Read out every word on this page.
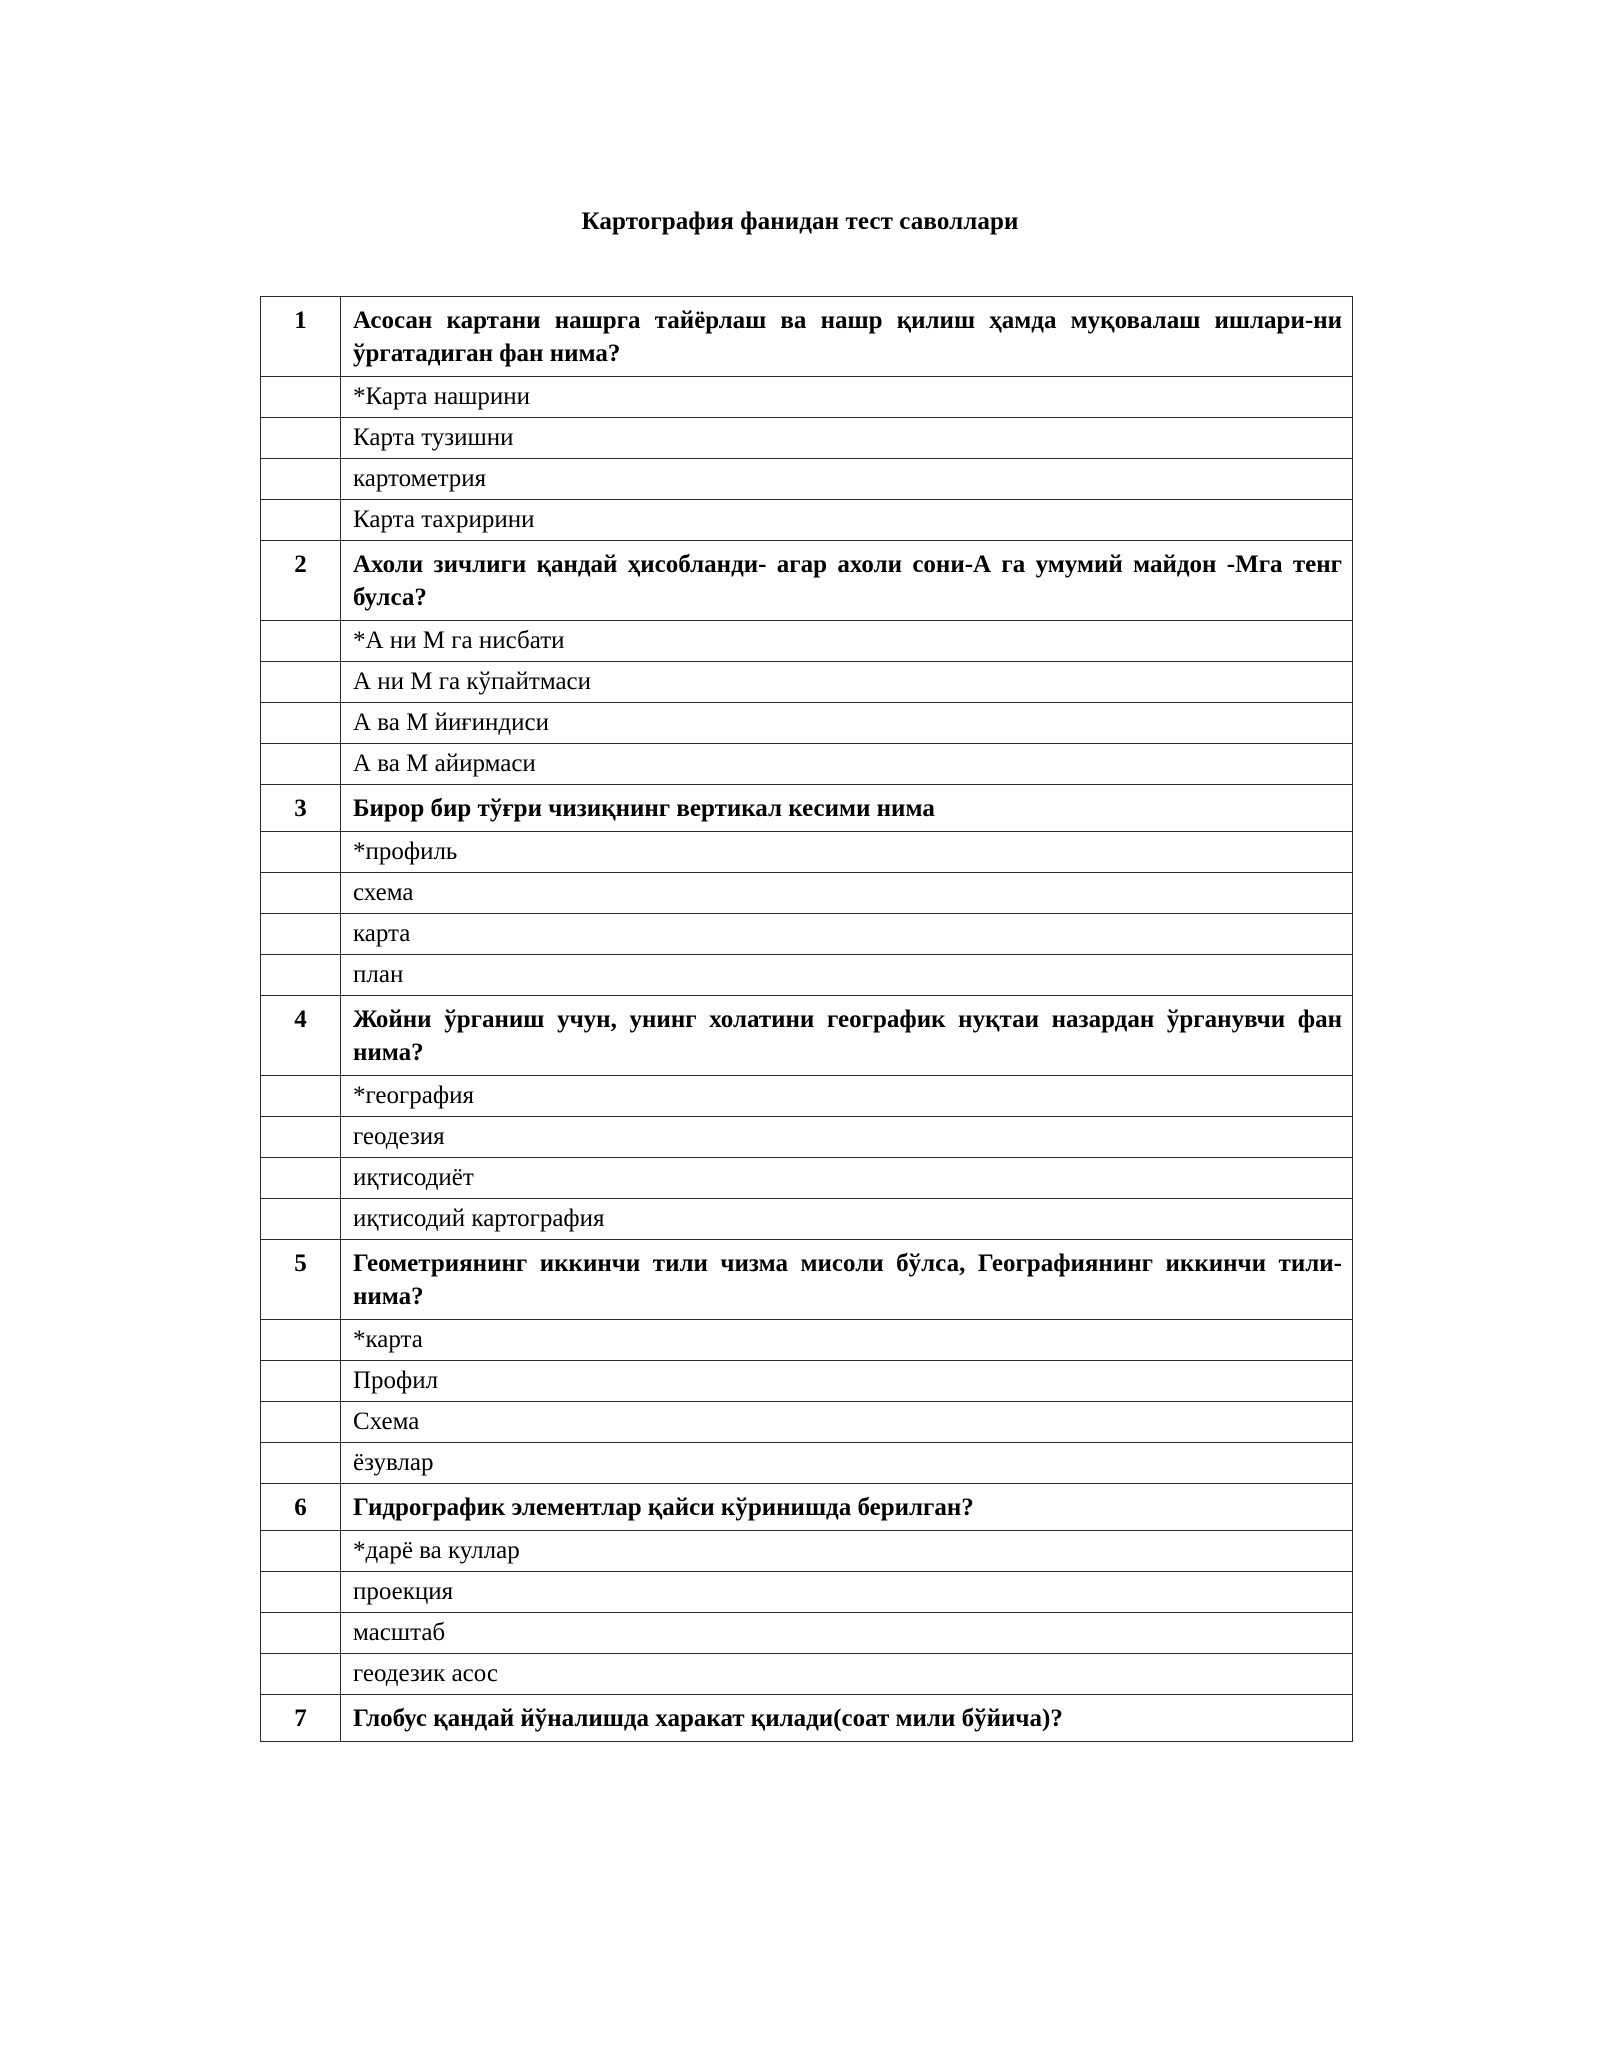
Картография фанидан тест саволлари
1	Асосан картани нашрга тайёрлаш ва нашр қилиш ҳамда муқовалаш ишлари-ни ўргатадиган фан нима?
	*Карта нашрини
	Карта тузишни
	картометрия
	Карта тахририни
2	Ахоли зичлиги қандай ҳисобланди- агар ахоли сони-А га умумий майдон -Мга тенг булса?
	*А ни М га нисбати
	А ни М га кўпайтмаси
	А ва М йиғиндиси
	А ва М айирмаси
3	Бирор бир тўғри чизиқнинг вертикал кесими нима
	*профиль
	схема
	карта
	план
4	Жойни ўрганиш учун, унинг холатини географик нуқтаи назардан ўрганувчи фан нима?
	*география
	геодезия
	иқтисодиёт
	иқтисодий картография
5	Геометриянинг иккинчи тили чизма мисоли бўлса, Географиянинг иккинчи тили- нима?
	*карта
	Профил
	Схема
	ёзувлар
6	Гидрографик элементлар қайси кўринишда берилган?
	*дарё ва куллар
	проекция
	масштаб
	геодезик асос
7	Глобус қандай йўналишда харакат қилади(соат мили бўйича)?
